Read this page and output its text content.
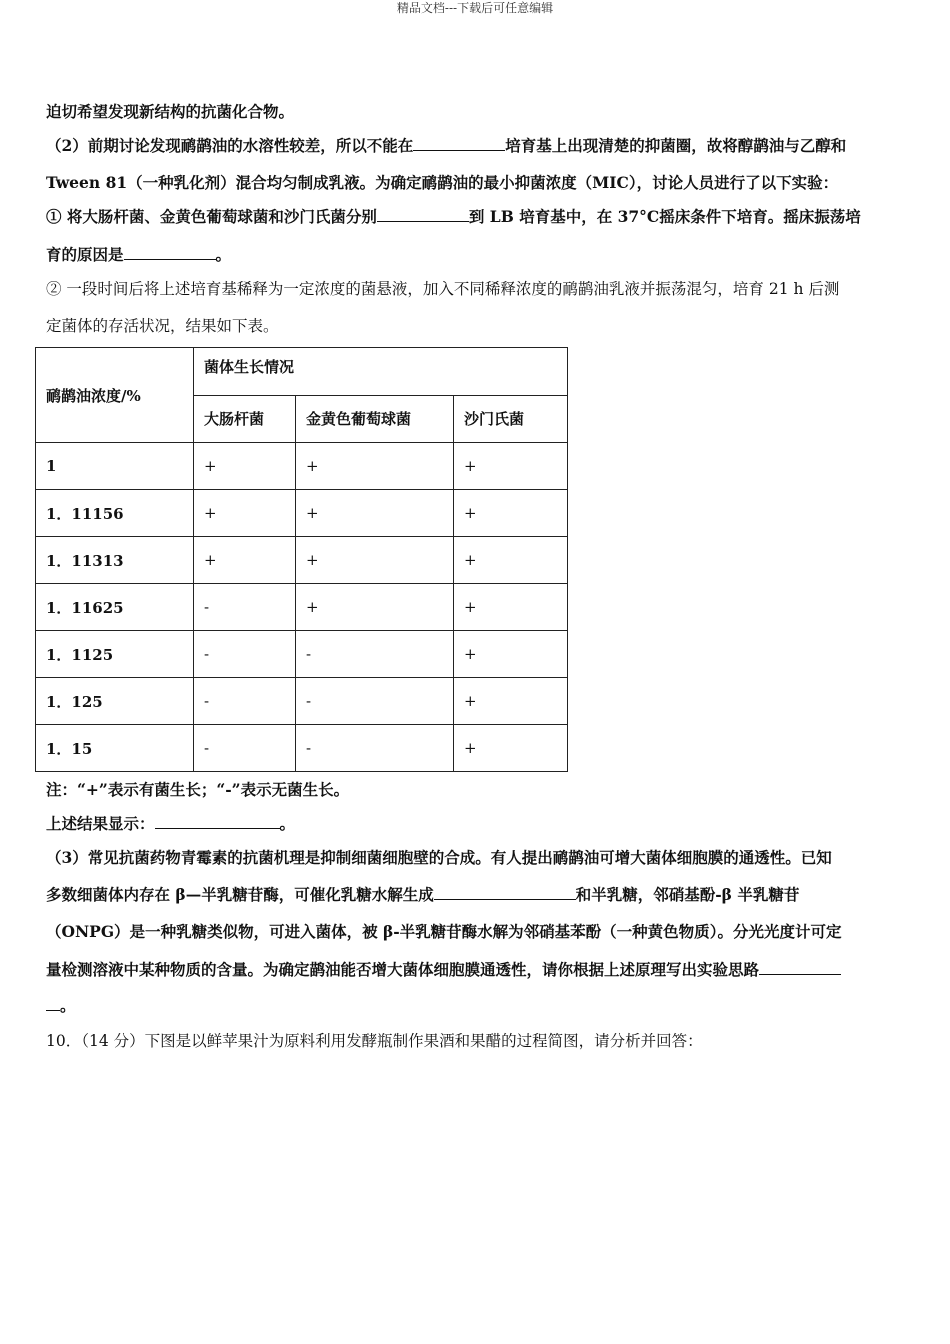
精品文档---下载后可任意编辑
迫切希望发现新结构的抗菌化合物。
（2）前期讨论发现鸸鹋油的水溶性较差，所以不能在	培育基上出现清楚的抑菌圈，故将醇鹋油与乙醇和
Tween 81（一种乳化剂）混合均匀制成乳液。为确定鸸鹋油的最小抑菌浓度（MIC），讨论人员进行了以下实验：
① 将大肠杆菌、金黄色葡萄球菌和沙门氏菌分别	到 LB 培育基中，在 37°C摇床条件下培育。摇床振荡培
育的原因是	。
② 一段时间后将上述培育基稀释为一定浓度的菌悬液，加入不同稀释浓度的鸸鹋油乳液并振荡混匀，培育 21 h 后测
定菌体的存活状况，结果如下表。
鸸鹋油浓度/%	菌体生长情况		
	大肠杆菌	金黄色葡萄球菌	沙门氏菌
1	+	+	+
1．11156	+	+	+
1．11313	+	+	+
1．11625	-	+	+
1．1125	-	-	+
1．125	-	-	+
1．15	-	-	+
注：“+”表示有菌生长；“-”表示无菌生长。
上述结果显示：	。
（3）常见抗菌药物青霉素的抗菌机理是抑制细菌细胞壁的合成。有人提出鸸鹋油可增大菌体细胞膜的通透性。已知
多数细菌体内存在 β—半乳糖苷酶，可催化乳糖水解生成	和半乳糖，邻硝基酚-β 半乳糖苷
（ONPG）是一种乳糖类似物，可进入菌体，被 β-半乳糖苷酶水解为邻硝基苯酚（一种黄色物质）。分光光度计可定
量检测溶液中某种物质的含量。为确定鹋油能否增大菌体细胞膜通透性，请你根据上述原理写出实验思路
。
10．（14 分）下图是以鲜苹果汁为原料利用发酵瓶制作果酒和果醋的过程简图，请分析并回答：
